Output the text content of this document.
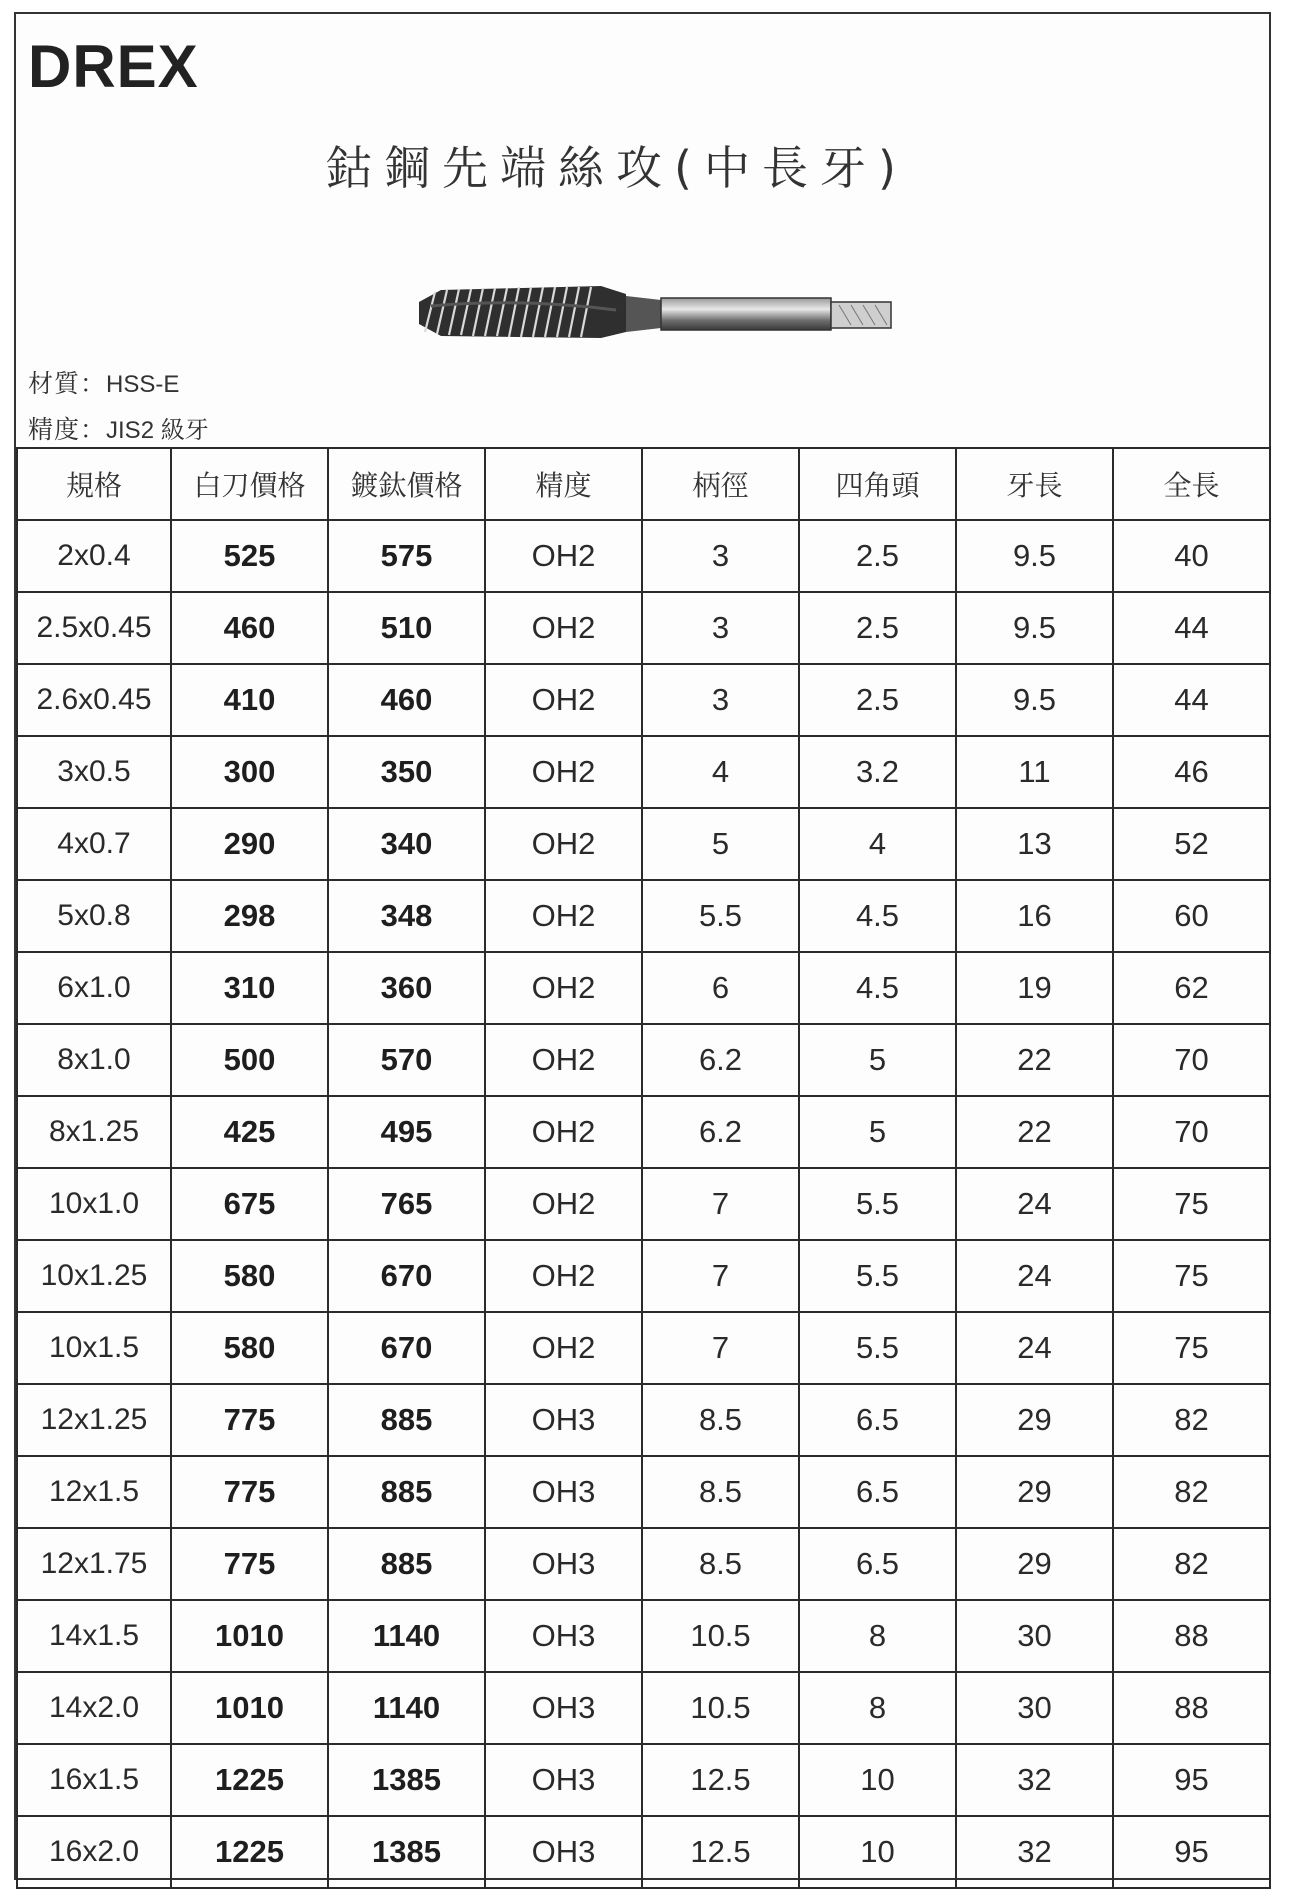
DREX
鈷鋼先端絲攻(中長牙)
材質：HSS-E
精度：JIS2 級牙
規格	白刀價格	鍍鈦價格	精度	柄徑	四角頭	牙長	全長
2x0.4	525	575	OH2	3	2.5	9.5	40
2.5x0.45	460	510	OH2	3	2.5	9.5	44
2.6x0.45	410	460	OH2	3	2.5	9.5	44
3x0.5	300	350	OH2	4	3.2	11	46
4x0.7	290	340	OH2	5	4	13	52
5x0.8	298	348	OH2	5.5	4.5	16	60
6x1.0	310	360	OH2	6	4.5	19	62
8x1.0	500	570	OH2	6.2	5	22	70
8x1.25	425	495	OH2	6.2	5	22	70
10x1.0	675	765	OH2	7	5.5	24	75
10x1.25	580	670	OH2	7	5.5	24	75
10x1.5	580	670	OH2	7	5.5	24	75
12x1.25	775	885	OH3	8.5	6.5	29	82
12x1.5	775	885	OH3	8.5	6.5	29	82
12x1.75	775	885	OH3	8.5	6.5	29	82
14x1.5	1010	1140	OH3	10.5	8	30	88
14x2.0	1010	1140	OH3	10.5	8	30	88
16x1.5	1225	1385	OH3	12.5	10	32	95
16x2.0	1225	1385	OH3	12.5	10	32	95
